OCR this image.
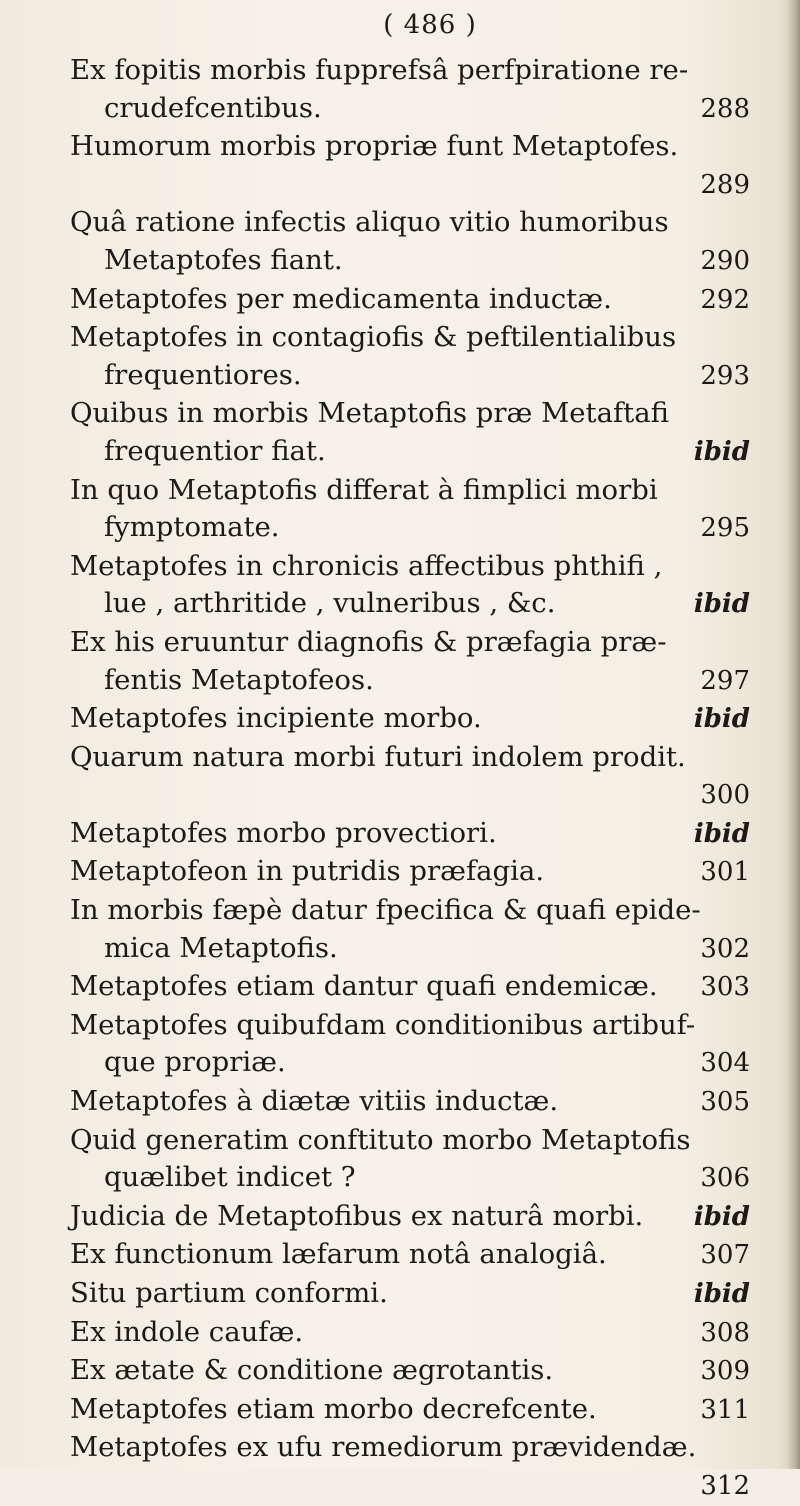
( 486 )
Ex fopitis morbis fupprefsâ perfpiratione re-
crudefcentibus.	288
Humorum morbis propriæ funt Metaptofes.
289
Quâ ratione infectis aliquo vitio humoribus
Metaptofes fiant.	290
Metaptofes per medicamenta inductæ.	292
Metaptofes in contagiofis & peftilentialibus
frequentiores.	293
Quibus in morbis Metaptofis præ Metaftafi
frequentior fiat.	ibid
In quo Metaptofis differat à fimplici morbi
fymptomate.	295
Metaptofes in chronicis affectibus phthifi ,
lue , arthritide , vulneribus , &c.	ibid
Ex his eruuntur diagnofis & præfagia præ-
fentis Metaptofeos.	297
Metaptofes incipiente morbo.	ibid
Quarum natura morbi futuri indolem prodit.
300
Metaptofes morbo provectiori.	ibid
Metaptofeon in putridis præfagia.	301
In morbis fæpè datur fpecifica & quafi epide-
mica Metaptofis.	302
Metaptofes etiam dantur quafi endemicæ.	303
Metaptofes quibufdam conditionibus artibuf-
que propriæ.	304
Metaptofes à diætæ vitiis inductæ.	305
Quid generatim conftituto morbo Metaptofis
quælibet indicet ?	306
Judicia de Metaptofibus ex naturâ morbi.	ibid
Ex functionum læfarum notâ analogiâ.	307
Situ partium conformi.	ibid
Ex indole caufæ.	308
Ex ætate & conditione ægrotantis.	309
Metaptofes etiam morbo decrefcente.	311
Metaptofes ex ufu remediorum prævidendæ.
312
